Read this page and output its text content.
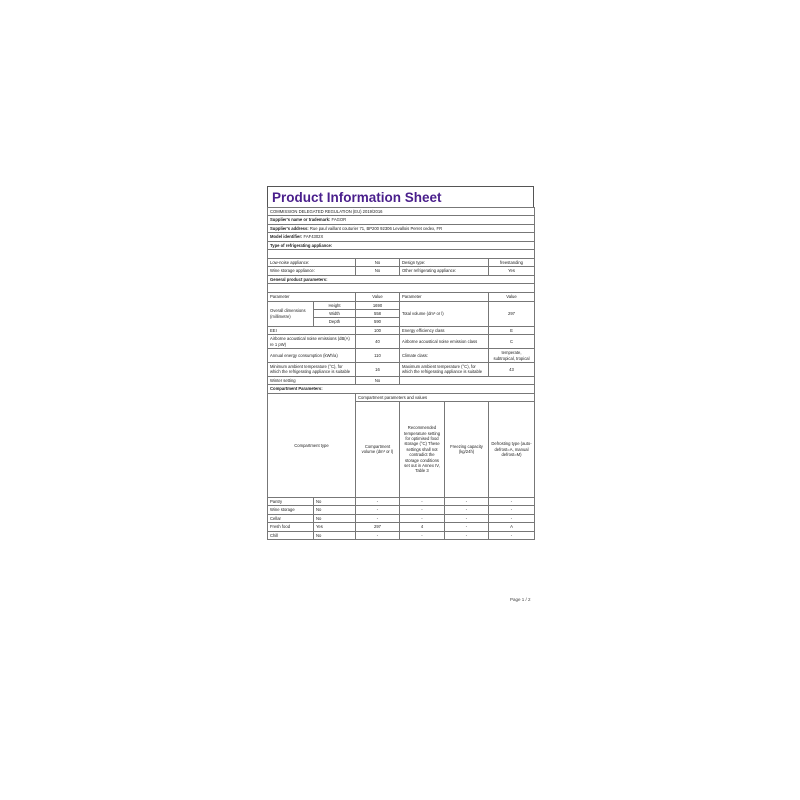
Product Information Sheet
COMMISSION DELEGATED REGULATION (EU) 2019/2016					
Supplier's name or trademark: FAGOR					
Supplier's address: Rue paul vaillant couturier 71, BP200 92306 Levallois Perret cedex, FR					
Model identifier: FAF4302X					
Type of refrigerating appliance:					

Low-noise appliance:		No	Design type:		freestanding
Wine storage appliance:		No	Other refrigerating appliance:		Yes
General product parameters:					

Parameter		Value	Parameter		Value
Overall dimensions (millimetre)	Height	1690	Total volume (dm³ or l)		297
	Width	558			
	Depth	590			
EEI		100	Energy efficiency class		E
Airborne acoustical noise emissions (dB(A) re 1 pW)		40	Airborne acoustical noise emission class		C
Annual energy consumption (kWh/a)		110	Climate class:		temperate, subtropical, tropical
Minimum ambient temperature (°C), for which the refrigerating appliance is suitable		16	Maximum ambient temperature (°C), for which the refrigerating appliance is suitable		43
Winter setting		No			
Compartment Parameters:					
Compartment type		Compartment parameters and values			
		Compartment volume (dm³ or l)	Recommended temperature setting for optimised food storage (°C) These settings shall not contradict the storage conditions set out in Annex IV, Table 3	Freezing capacity (kg/24h)	Defrosting type (auto-defrost=A, manual defrost=M)
Pantry	No	-	-	-	-
Wine storage	No	-	-	-	-
Cellar	No	-	-	-	-
Fresh food	Yes	297	4	-	A
Chill	No	-	-	-	-
Page 1 / 2
